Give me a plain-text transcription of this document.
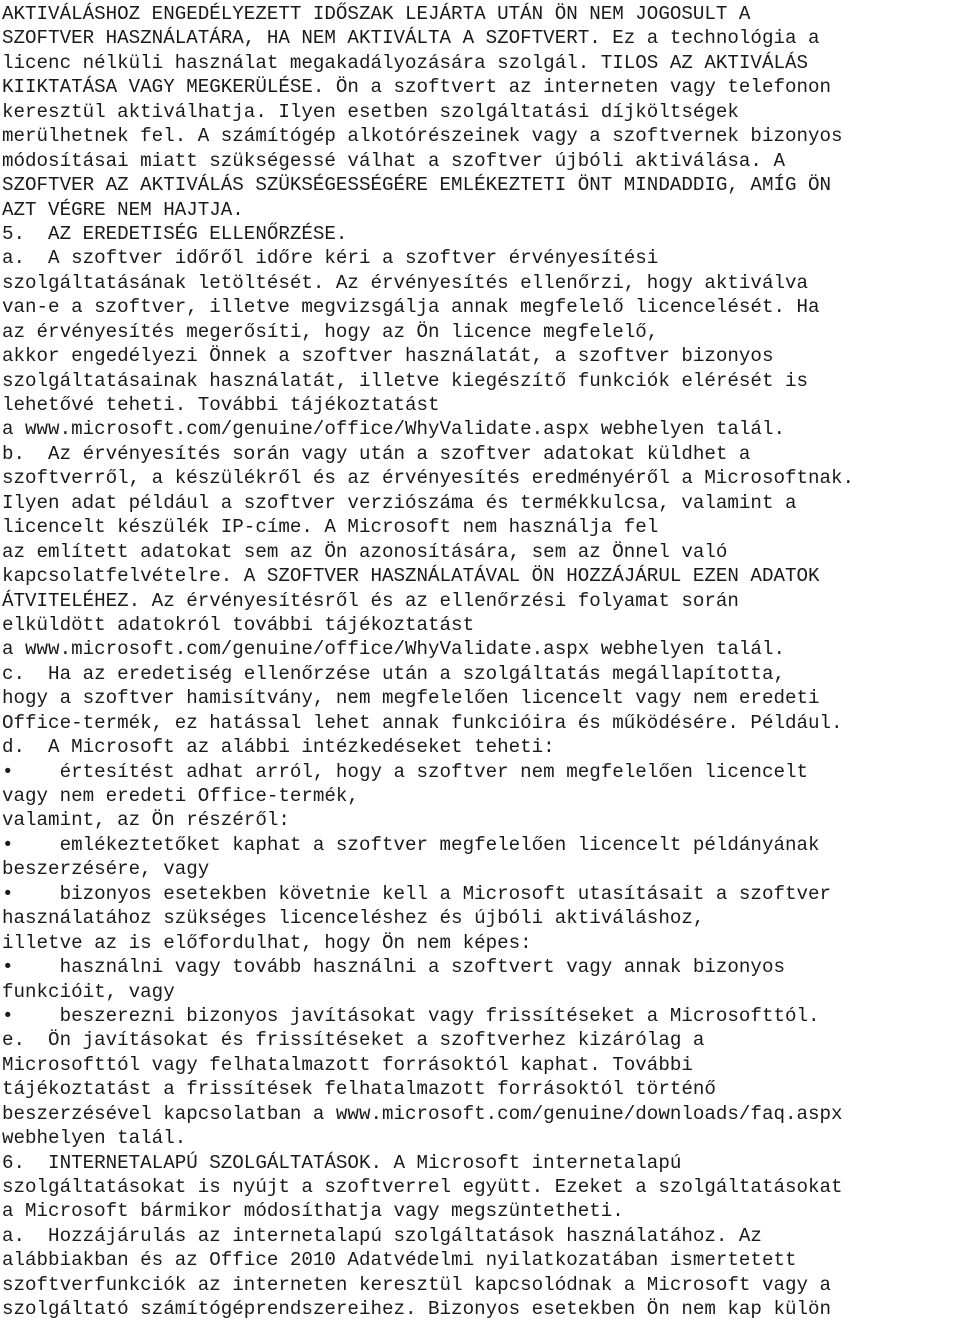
AKTIVÁLÁSHOZ ENGEDÉLYEZETT IDŐSZAK LEJÁRTA UTÁN ÖN NEM JOGOSULT A
SZOFTVER HASZNÁLATÁRA, HA NEM AKTIVÁLTA A SZOFTVERT. Ez a technológia a
licenc nélküli használat megakadályozására szolgál. TILOS AZ AKTIVÁLÁS
KIIKTATÁSA VAGY MEGKERÜLÉSE. Ön a szoftvert az interneten vagy telefonon
keresztül aktiválhatja. Ilyen esetben szolgáltatási díjköltségek
merülhetnek fel. A számítógép alkotórészeinek vagy a szoftvernek bizonyos
módosításai miatt szükségessé válhat a szoftver újbóli aktiválása. A
SZOFTVER AZ AKTIVÁLÁS SZÜKSÉGESSÉGÉRE EMLÉKEZTETI ÖNT MINDADDIG, AMÍG ÖN
AZT VÉGRE NEM HAJTJA.
5.  AZ EREDETISÉG ELLENŐRZÉSE.
a.  A szoftver időről időre kéri a szoftver érvényesítési
szolgáltatásának letöltését. Az érvényesítés ellenőrzi, hogy aktiválva
van-e a szoftver, illetve megvizsgálja annak megfelelő licencelését. Ha
az érvényesítés megerősíti, hogy az Ön licence megfelelő,
akkor engedélyezi Önnek a szoftver használatát, a szoftver bizonyos
szolgáltatásainak használatát, illetve kiegészítő funkciók elérését is
lehetővé teheti. További tájékoztatást
a www.microsoft.com/genuine/office/WhyValidate.aspx webhelyen talál.
b.  Az érvényesítés során vagy után a szoftver adatokat küldhet a
szoftverről, a készülékről és az érvényesítés eredményéről a Microsoftnak.
Ilyen adat például a szoftver verziószáma és termékkulcsa, valamint a
licencelt készülék IP-címe. A Microsoft nem használja fel
az említett adatokat sem az Ön azonosítására, sem az Önnel való
kapcsolatfelvételre. A SZOFTVER HASZNÁLATÁVAL ÖN HOZZÁJÁRUL EZEN ADATOK
ÁTVITELÉHEZ. Az érvényesítésről és az ellenőrzési folyamat során
elküldött adatokról további tájékoztatást
a www.microsoft.com/genuine/office/WhyValidate.aspx webhelyen talál.
c.  Ha az eredetiség ellenőrzése után a szolgáltatás megállapította,
hogy a szoftver hamisítvány, nem megfelelően licencelt vagy nem eredeti
Office-termék, ez hatással lehet annak funkcióira és működésére. Például.
d.  A Microsoft az alábbi intézkedéseket teheti:
•    értesítést adhat arról, hogy a szoftver nem megfelelően licencelt
vagy nem eredeti Office-termék,
valamint, az Ön részéről:
•    emlékeztetőket kaphat a szoftver megfelelően licencelt példányának
beszerzésére, vagy
•    bizonyos esetekben követnie kell a Microsoft utasításait a szoftver
használatához szükséges licenceléshez és újbóli aktiváláshoz,
illetve az is előfordulhat, hogy Ön nem képes:
•    használni vagy tovább használni a szoftvert vagy annak bizonyos
funkcióit, vagy
•    beszerezni bizonyos javításokat vagy frissítéseket a Microsofttól.
e.  Ön javításokat és frissítéseket a szoftverhez kizárólag a
Microsofttól vagy felhatalmazott forrásoktól kaphat. További
tájékoztatást a frissítések felhatalmazott forrásoktól történő
beszerzésével kapcsolatban a www.microsoft.com/genuine/downloads/faq.aspx
webhelyen talál.
6.  INTERNETALAPÚ SZOLGÁLTATÁSOK. A Microsoft internetalapú
szolgáltatásokat is nyújt a szoftverrel együtt. Ezeket a szolgáltatásokat
a Microsoft bármikor módosíthatja vagy megszüntetheti.
a.  Hozzájárulás az internetalapú szolgáltatások használatához. Az
alábbiakban és az Office 2010 Adatvédelmi nyilatkozatában ismertetett
szoftverfunkciók az interneten keresztül kapcsolódnak a Microsoft vagy a
szolgáltató számítógéprendszereihez. Bizonyos esetekben Ön nem kap külön
